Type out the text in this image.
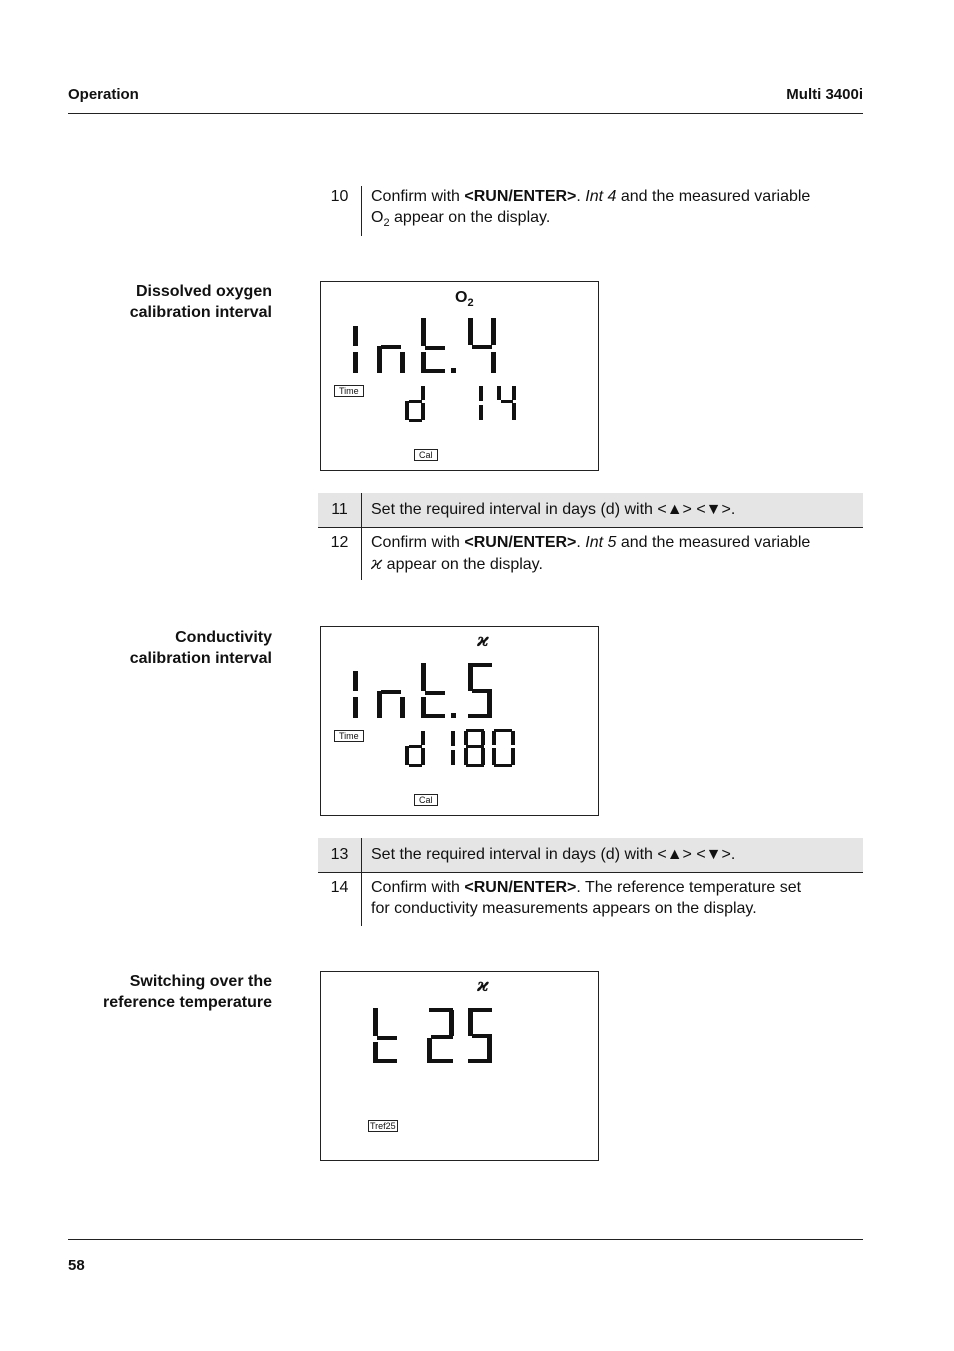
Operation	Multi 3400i
10	Confirm with <RUN/ENTER>. Int 4 and the measured variable
$O_2$ appear on the display.
Dissolved oxygen
calibration interval
$O_2$
Time
Cal
11	Set the required interval in days (d) with <▲> <▼>.
12	Confirm with <RUN/ENTER>. Int 5 and the measured variable
𝜘 appear on the display.
Conductivity
calibration interval
ϰ
Time
Cal
13	Set the required interval in days (d) with <▲> <▼>.
14	Confirm with <RUN/ENTER>. The reference temperature set
for conductivity measurements appears on the display.
Switching over the
reference temperature
ϰ
Tref25
58
